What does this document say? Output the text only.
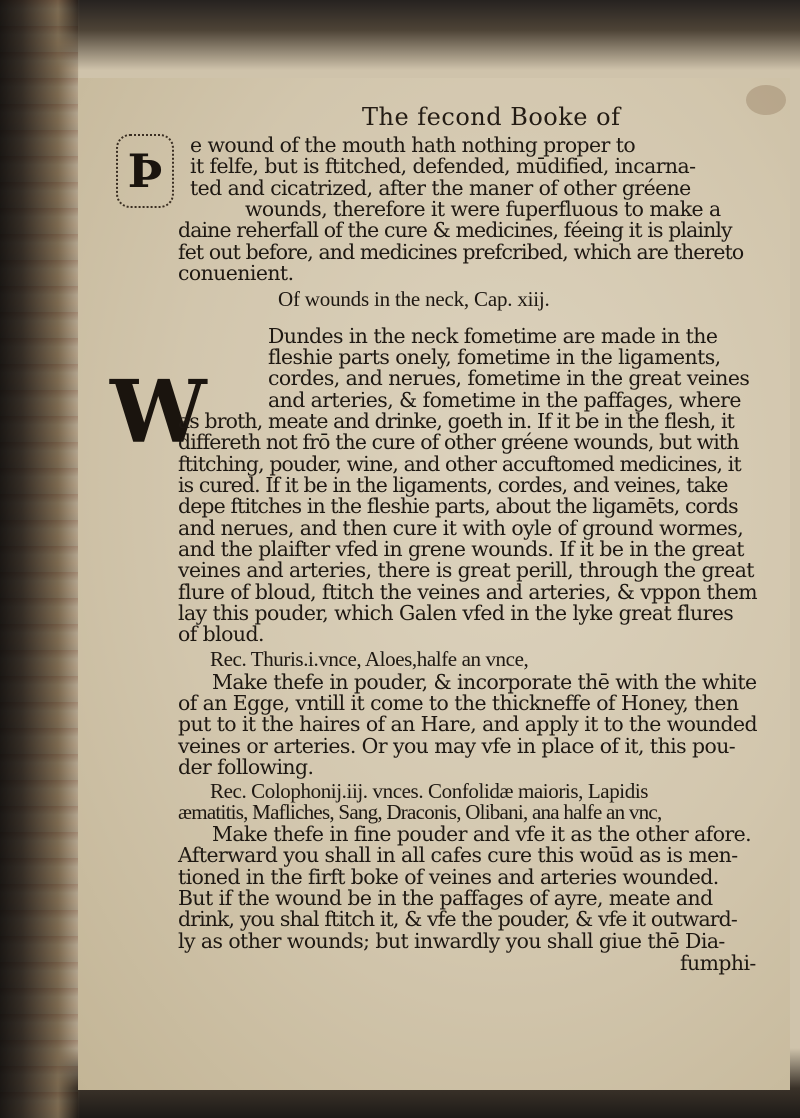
The fecond Booke of
Þ e wound of the mouth hath nothing proper to
it felfe, but is ftitched, defended, mūdified, incarna-
ted and cicatrized, after the maner of other gréene
wounds, therefore it were fuperfluous to make a
daine reherfall of the cure & medicines, féeing it is plainly
fet out before, and medicines prefcribed, which are thereto
conuenient.
Of wounds in the neck, Cap. xiij.
W
Dundes in the neck fometime are made in the
fleshie parts onely, fometime in the ligaments,
cordes, and nerues, fometime in the great veines
and arteries, & fometime in the paffages, where
as broth, meate and drinke, goeth in. If it be in the flesh, it
differeth not frō the cure of other gréene wounds, but with
ftitching, pouder, wine, and other accuftomed medicines, it
is cured. If it be in the ligaments, cordes, and veines, take
depe ftitches in the fleshie parts, about the ligamēts, cords
and nerues, and then cure it with oyle of ground wormes,
and the plaifter vfed in grene wounds. If it be in the great
veines and arteries, there is great perill, through the great
flure of bloud, ftitch the veines and arteries, & vppon them
lay this pouder, which Galen vfed in the lyke great flures
of bloud.
Rec. Thuris.i.vnce, Aloes,halfe an vnce,
Make thefe in pouder, & incorporate thē with the white
of an Egge, vntill it come to the thickneffe of Honey, then
put to it the haires of an Hare, and apply it to the wounded
veines or arteries. Or you may vfe in place of it, this pou-
der following.
Rec. Colophonij.iij. vnces. Confolidæ maioris, Lapidis
æmatitis, Mafliches, Sang, Draconis, Olibani, ana halfe an vnc,
Make thefe in fine pouder and vfe it as the other afore.
Afterward you shall in all cafes cure this woūd as is men-
tioned in the firft boke of veines and arteries wounded.
But if the wound be in the paffages of ayre, meate and
drink, you shal ftitch it, & vfe the pouder, & vfe it outward-
ly as other wounds; but inwardly you shall giue thē Dia-
fumphi-
